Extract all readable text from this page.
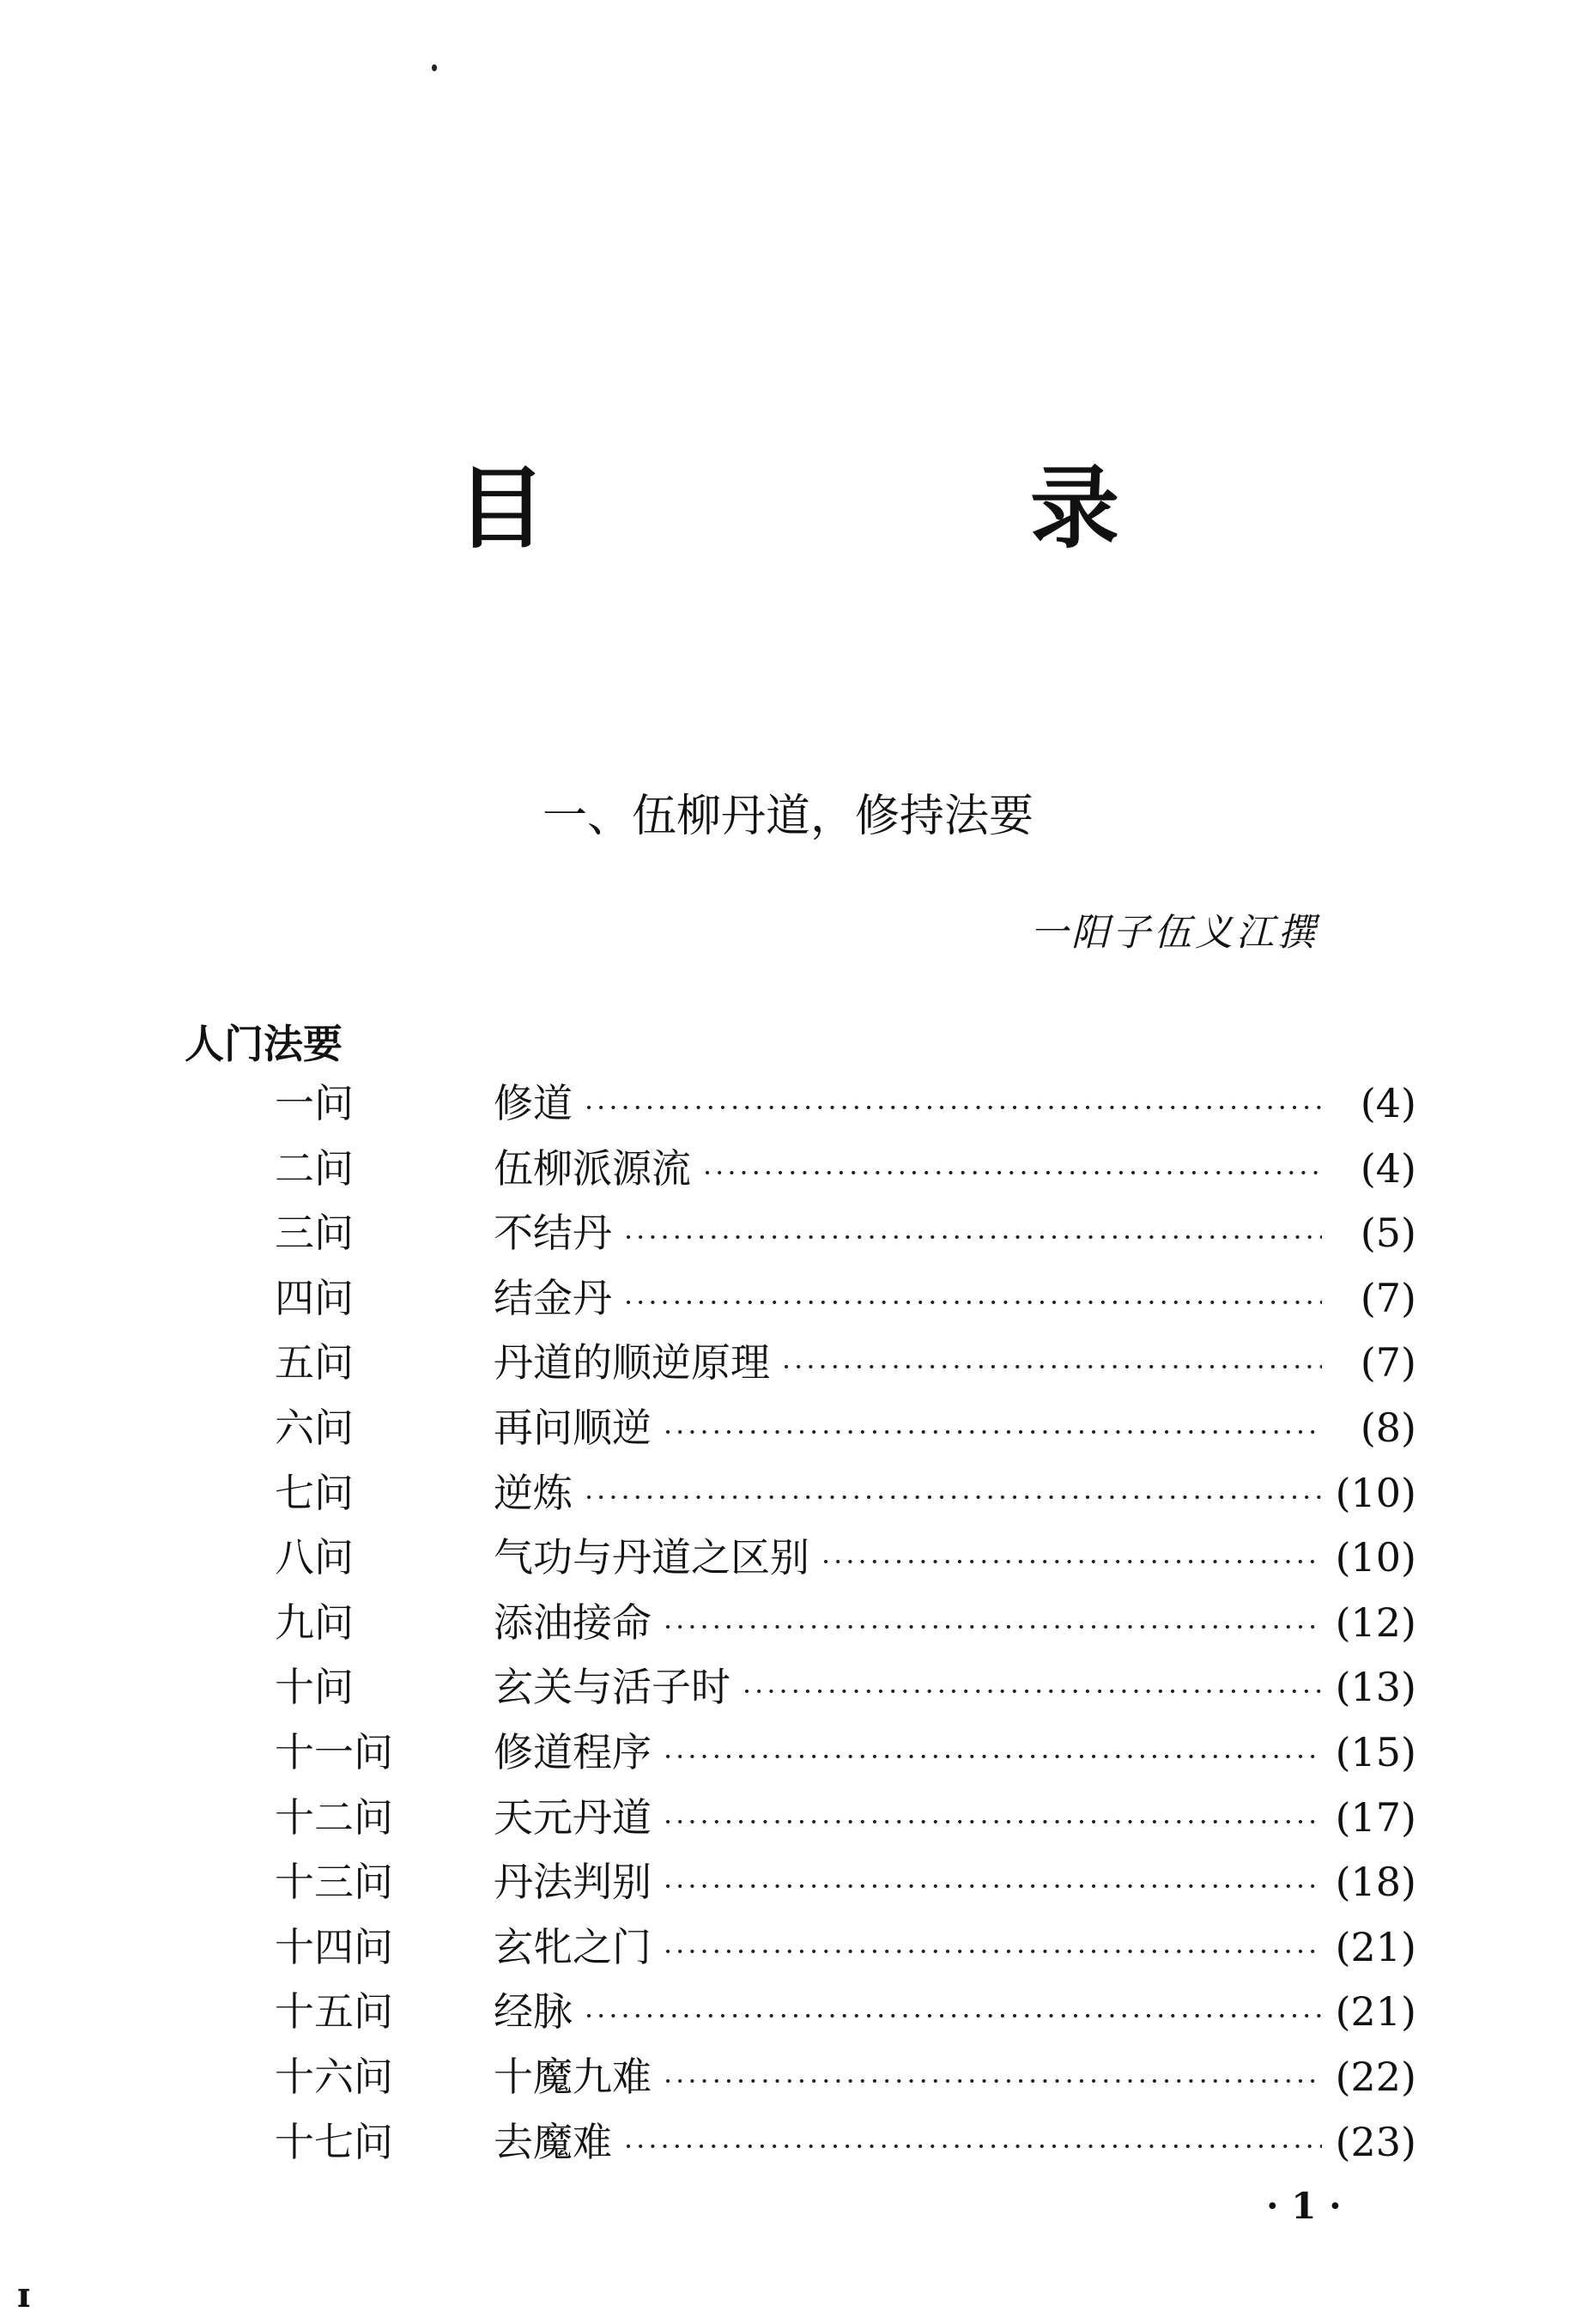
目　录
一、伍柳丹道，修持法要
一阳子伍义江撰
人门法要
一问	修道 ·····	(4)
二问	伍柳派源流 ·····	(4)
三问	不结丹 ·····	(5)
四问	结金丹 ·····	(7)
五问	丹道的顺逆原理 ·····	(7)
六问	再问顺逆 ·····	(8)
七问	逆炼 ·····	(10)
八问	气功与丹道之区别 ·····	(10)
九问	添油接命 ·····	(12)
十问	玄关与活子时 ·····	(13)
十一问	修道程序 ·····	(15)
十二问	天元丹道 ·····	(17)
十三问	丹法判别 ·····	(18)
十四问	玄牝之门 ·····	(21)
十五问	经脉 ·····	(21)
十六问	十魔九难 ·····	(22)
十七问	去魔难 ·····	(23)
· 1 ·
ɪ
